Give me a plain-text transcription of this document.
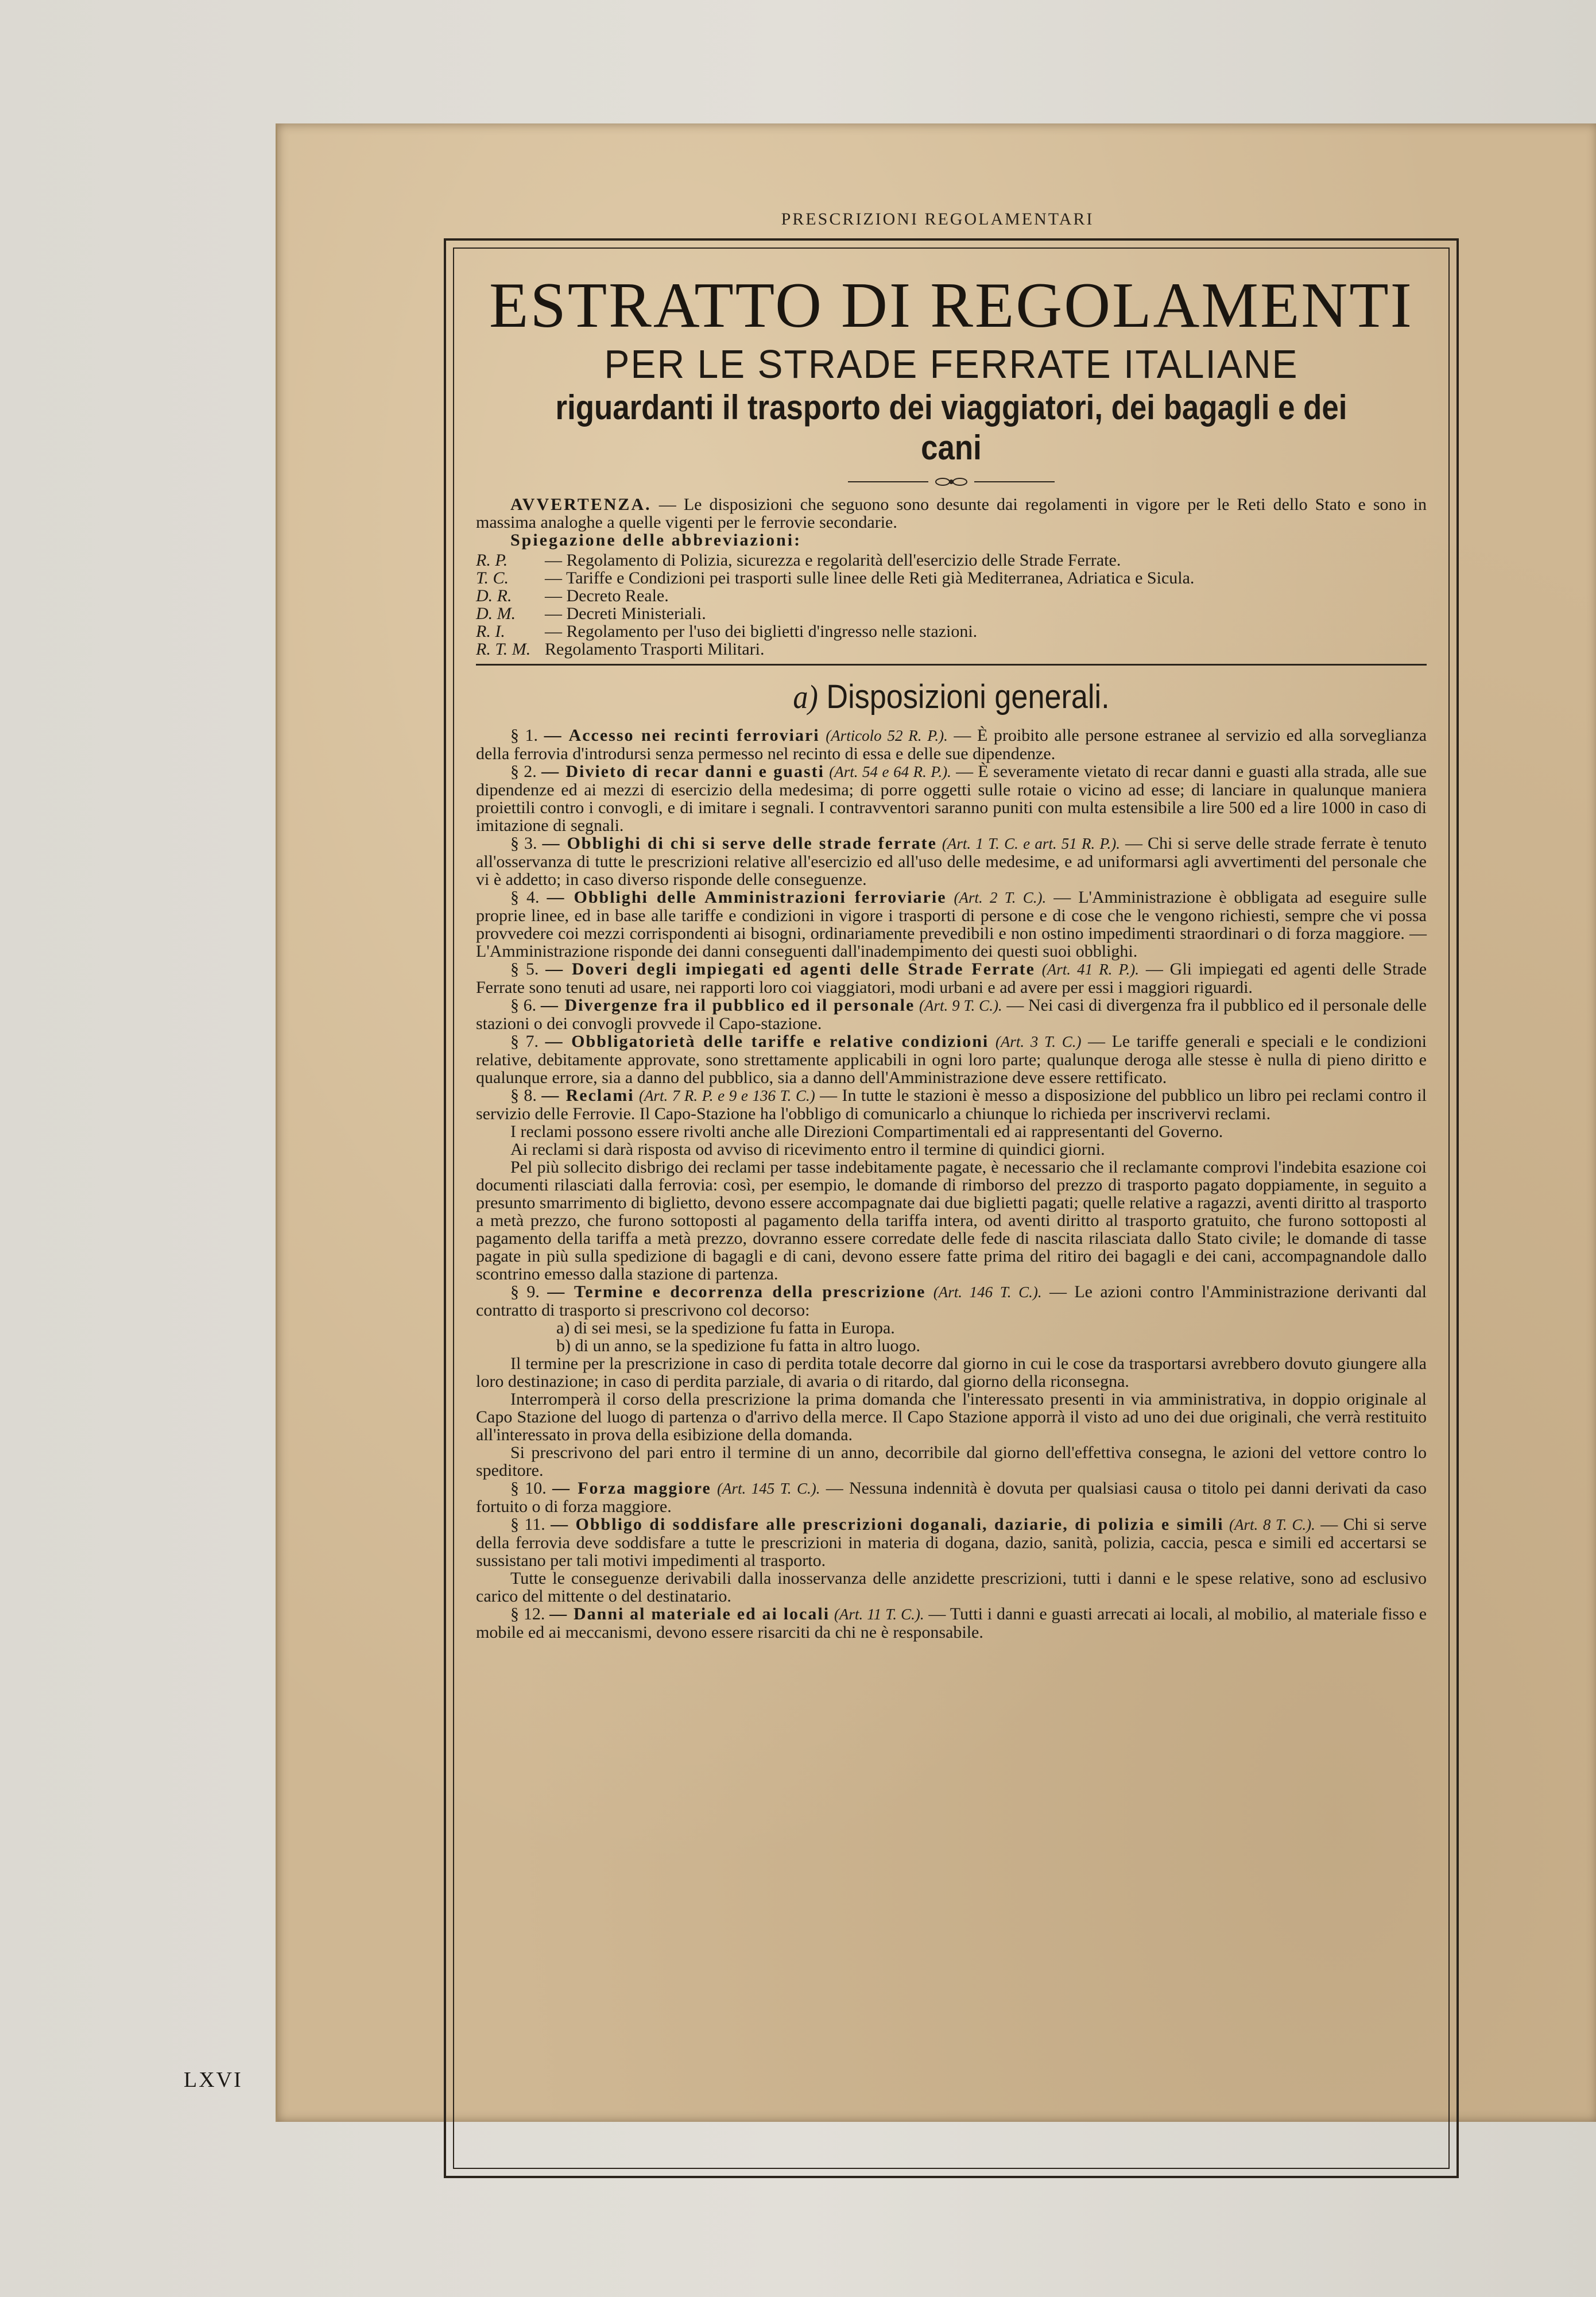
PRESCRIZIONI REGOLAMENTARI
ESTRATTO DI REGOLAMENTI
PER LE STRADE FERRATE ITALIANE
riguardanti il trasporto dei viaggiatori, dei bagagli e dei cani

AVVERTENZA. — Le disposizioni che seguono sono desunte dai regolamenti in vigore per le Reti dello Stato e sono in massima analoghe a quelle vigenti per le ferrovie secondarie.

Spiegazione delle abbreviazioni:

R. P.	— Regolamento di Polizia, sicurezza e regolarità dell'esercizio delle Strade Ferrate.
T. C.	— Tariffe e Condizioni pei trasporti sulle linee delle Reti già Mediterranea, Adriatica e Sicula.
D. R.	— Decreto Reale.
D. M.	— Decreti Ministeriali.
R. I.	— Regolamento per l'uso dei biglietti d'ingresso nelle stazioni.
R. T. M. Regolamento Trasporti Militari.
a) Disposizioni generali.

§ 1. — Accesso nei recinti ferroviari (Articolo 52 R. P.). — È proibito alle persone estranee al servizio ed alla sorveglianza della ferrovia d'introdursi senza permesso nel recinto di essa e delle sue dipendenze.

§ 2. — Divieto di recar danni e guasti (Art. 54 e 64 R. P.). — È severamente vietato di recar danni e guasti alla strada, alle sue dipendenze ed ai mezzi di esercizio della medesima; di porre oggetti sulle rotaie o vicino ad esse; di lanciare in qualunque maniera proiettili contro i convogli, e di imitare i segnali. I contravventori saranno puniti con multa estensibile a lire 500 ed a lire 1000 in caso di imitazione di segnali.

§ 3. — Obblighi di chi si serve delle strade ferrate (Art. 1 T. C. e art. 51 R. P.). — Chi si serve delle strade ferrate è tenuto all'osservanza di tutte le prescrizioni relative all'esercizio ed all'uso delle medesime, e ad uniformarsi agli avvertimenti del personale che vi è addetto; in caso diverso risponde delle conseguenze.

§ 4. — Obblighi delle Amministrazioni ferroviarie (Art. 2 T. C.). — L'Amministrazione è obbligata ad eseguire sulle proprie linee, ed in base alle tariffe e condizioni in vigore i trasporti di persone e di cose che le vengono richiesti, sempre che vi possa provvedere coi mezzi corrispondenti ai bisogni, ordinariamente prevedibili e non ostino impedimenti straordinari o di forza maggiore. — L'Amministrazione risponde dei danni conseguenti dall'inadempimento dei questi suoi obblighi.

§ 5. — Doveri degli impiegati ed agenti delle Strade Ferrate (Art. 41 R. P.). — Gli impiegati ed agenti delle Strade Ferrate sono tenuti ad usare, nei rapporti loro coi viaggiatori, modi urbani e ad avere per essi i maggiori riguardi.

§ 6. — Divergenze fra il pubblico ed il personale (Art. 9 T. C.). — Nei casi di divergenza fra il pubblico ed il personale delle stazioni o dei convogli provvede il Capo-stazione.

§ 7. — Obbligatorietà delle tariffe e relative condizioni (Art. 3 T. C.) — Le tariffe generali e speciali e le condizioni relative, debitamente approvate, sono strettamente applicabili in ogni loro parte; qualunque deroga alle stesse è nulla di pieno diritto e qualunque errore, sia a danno del pubblico, sia a danno dell'Amministrazione deve essere rettificato.

§ 8. — Reclami (Art. 7 R. P. e 9 e 136 T. C.) — In tutte le stazioni è messo a disposizione del pubblico un libro pei reclami contro il servizio delle Ferrovie. Il Capo-Stazione ha l'obbligo di comunicarlo a chiunque lo richieda per inscrivervi reclami.

I reclami possono essere rivolti anche alle Direzioni Compartimentali ed ai rappresentanti del Governo.

Ai reclami si darà risposta od avviso di ricevimento entro il termine di quindici giorni.

Pel più sollecito disbrigo dei reclami per tasse indebitamente pagate, è necessario che il reclamante comprovi l'indebita esazione coi documenti rilasciati dalla ferrovia: così, per esempio, le domande di rimborso del prezzo di trasporto pagato doppiamente, in seguito a presunto smarrimento di biglietto, devono essere accompagnate dai due biglietti pagati; quelle relative a ragazzi, aventi diritto al trasporto a metà prezzo, che furono sottoposti al pagamento della tariffa intera, od aventi diritto al trasporto gratuito, che furono sottoposti al pagamento della tariffa a metà prezzo, dovranno essere corredate delle fede di nascita rilasciata dallo Stato civile; le domande di tasse pagate in più sulla spedizione di bagagli e di cani, devono essere fatte prima del ritiro dei bagagli e dei cani, accompagnandole dallo scontrino emesso dalla stazione di partenza.

§ 9. — Termine e decorrenza della prescrizione (Art. 146 T. C.). — Le azioni contro l'Amministrazione derivanti dal contratto di trasporto si prescrivono col decorso:

a) di sei mesi, se la spedizione fu fatta in Europa.

b) di un anno, se la spedizione fu fatta in altro luogo.

Il termine per la prescrizione in caso di perdita totale decorre dal giorno in cui le cose da trasportarsi avrebbero dovuto giungere alla loro destinazione; in caso di perdita parziale, di avaria o di ritardo, dal giorno della riconsegna.

Interromperà il corso della prescrizione la prima domanda che l'interessato presenti in via amministrativa, in doppio originale al Capo Stazione del luogo di partenza o d'arrivo della merce. Il Capo Stazione apporrà il visto ad uno dei due originali, che verrà restituito all'interessato in prova della esibizione della domanda.

Si prescrivono del pari entro il termine di un anno, decorribile dal giorno dell'effettiva consegna, le azioni del vettore contro lo speditore.

§ 10. — Forza maggiore (Art. 145 T. C.). — Nessuna indennità è dovuta per qualsiasi causa o titolo pei danni derivati da caso fortuito o di forza maggiore.

§ 11. — Obbligo di soddisfare alle prescrizioni doganali, daziarie, di polizia e simili (Art. 8 T. C.). — Chi si serve della ferrovia deve soddisfare a tutte le prescrizioni in materia di dogana, dazio, sanità, polizia, caccia, pesca e simili ed accertarsi se sussistano per tali motivi impedimenti al trasporto.

Tutte le conseguenze derivabili dalla inosservanza delle anzidette prescrizioni, tutti i danni e le spese relative, sono ad esclusivo carico del mittente o del destinatario.

§ 12. — Danni al materiale ed ai locali (Art. 11 T. C.). — Tutti i danni e guasti arrecati ai locali, al mobilio, al materiale fisso e mobile ed ai meccanismi, devono essere risarciti da chi ne è responsabile.

LXVI
